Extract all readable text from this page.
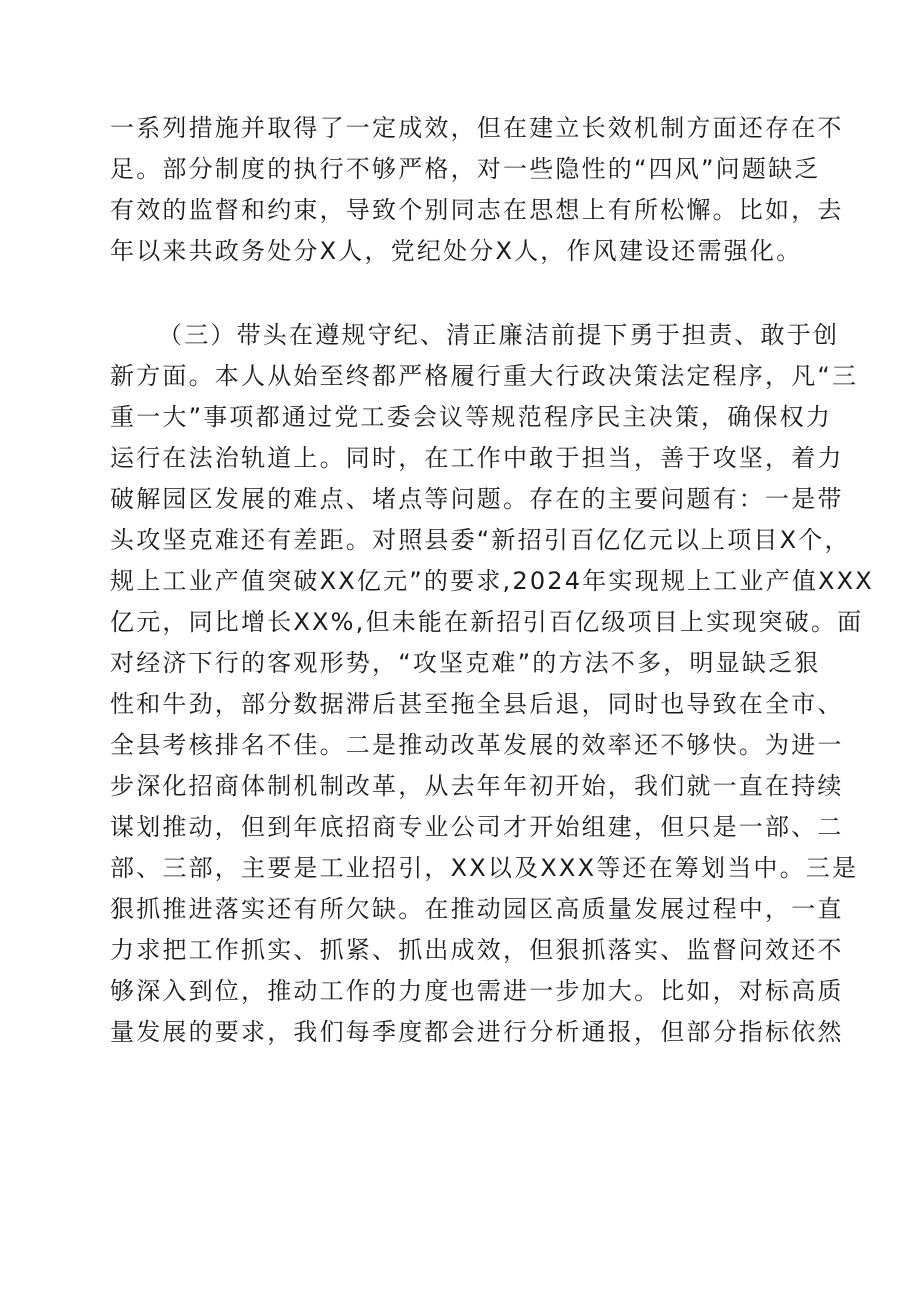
一系列措施并取得了一定成效，但在建立长效机制方面还存在不
足。部分制度的执行不够严格，对一些隐性的“四风”问题缺乏
有效的监督和约束，导致个别同志在思想上有所松懈。比如，去
年以来共政务处分X人，党纪处分X人，作风建设还需强化。
（三）带头在遵规守纪、清正廉洁前提下勇于担责、敢于创
新方面。本人从始至终都严格履行重大行政决策法定程序，凡“三
重一大”事项都通过党工委会议等规范程序民主决策，确保权力
运行在法治轨道上。同时，在工作中敢于担当，善于攻坚，着力
破解园区发展的难点、堵点等问题。存在的主要问题有：一是带
头攻坚克难还有差距。对照县委“新招引百亿亿元以上项目X个，
规上工业产值突破XX亿元”的要求,2024年实现规上工业产值XXX
亿元，同比增长XX%,但未能在新招引百亿级项目上实现突破。面
对经济下行的客观形势，“攻坚克难”的方法不多，明显缺乏狠
性和牛劲，部分数据滞后甚至拖全县后退，同时也导致在全市、
全县考核排名不佳。二是推动改革发展的效率还不够快。为进一
步深化招商体制机制改革，从去年年初开始，我们就一直在持续
谋划推动，但到年底招商专业公司才开始组建，但只是一部、二
部、三部，主要是工业招引，XX以及XXX等还在筹划当中。三是
狠抓推进落实还有所欠缺。在推动园区高质量发展过程中，一直
力求把工作抓实、抓紧、抓出成效，但狠抓落实、监督问效还不
够深入到位，推动工作的力度也需进一步加大。比如，对标高质
量发展的要求，我们每季度都会进行分析通报，但部分指标依然
